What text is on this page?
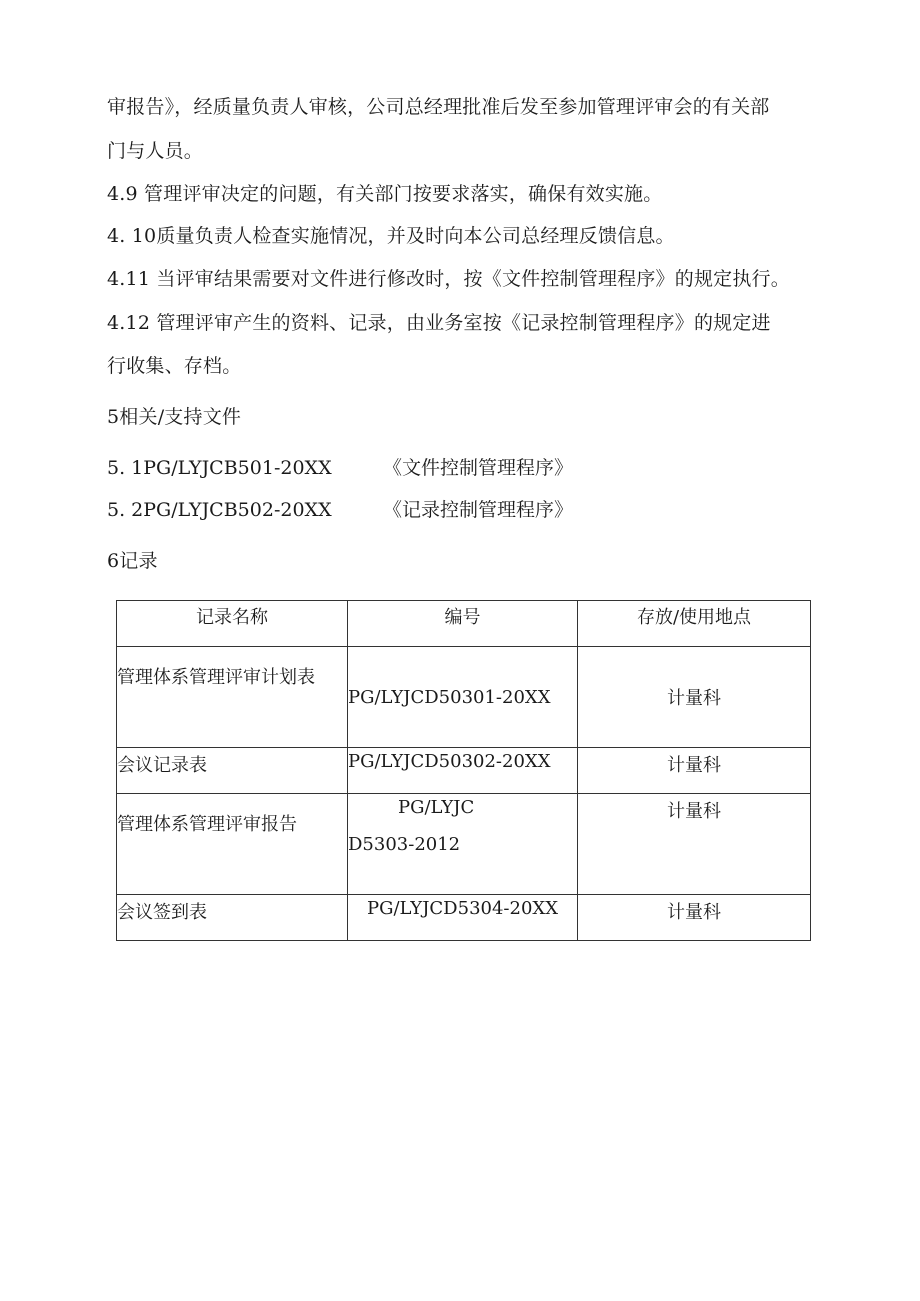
审报告》，经质量负责人审核，公司总经理批准后发至参加管理评审会的有关部
门与人员。
4.9 管理评审决定的问题，有关部门按要求落实，确保有效实施。
4. 10质量负责人检查实施情况，并及时向本公司总经理反馈信息。
4.11 当评审结果需要对文件进行修改时，按《文件控制管理程序》的规定执行。
4.12 管理评审产生的资料、记录，由业务室按《记录控制管理程序》的规定进
行收集、存档。
5相关/支持文件
5. 1PG/LYJCB501-20XX	《文件控制管理程序》
5. 2PG/LYJCB502-20XX	《记录控制管理程序》
6记录
记录名称	编号	存放/使用地点
管理体系管理评审计划表	PG/LYJCD50301-20XX	计量科
会议记录表	PG/LYJCD50302-20XX	计量科
管理体系管理评审报告	PG/LYJC
D5303-2012	计量科
会议签到表	PG/LYJCD5304-20XX	计量科
